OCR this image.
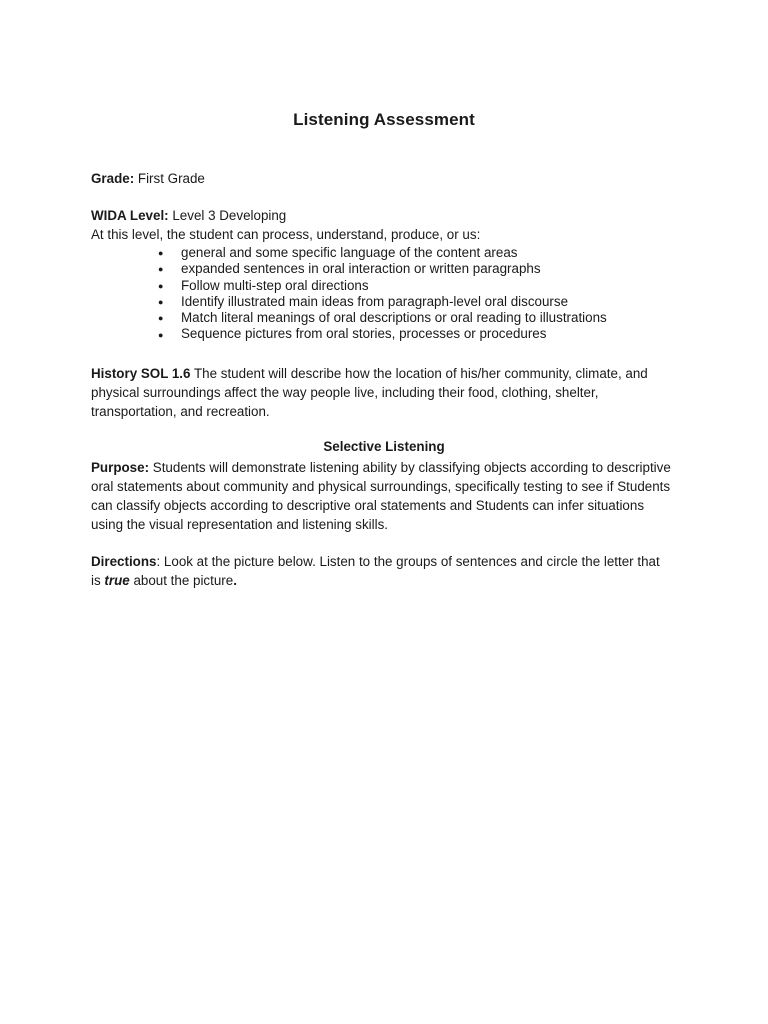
Listening Assessment
Grade: First Grade
WIDA Level: Level 3 Developing
At this level, the student can process, understand, produce, or us:
●	general and some specific language of the content areas
●	expanded sentences in oral interaction or written paragraphs
●	Follow multi-step oral directions
●	Identify illustrated main ideas from paragraph-level oral discourse
●	Match literal meanings of oral descriptions or oral reading to illustrations
●	Sequence pictures from oral stories, processes or procedures
History SOL 1.6 The student will describe how the location of his/her community, climate, and physical surroundings affect the way people live, including their food, clothing, shelter, transportation, and recreation.
Selective Listening
Purpose: Students will demonstrate listening ability by classifying objects according to descriptive oral statements about community and physical surroundings, specifically testing to see if Students can classify objects according to descriptive oral statements and Students can infer situations using the visual representation and listening skills.
Directions: Look at the picture below. Listen to the groups of sentences and circle the letter that is true about the picture.
